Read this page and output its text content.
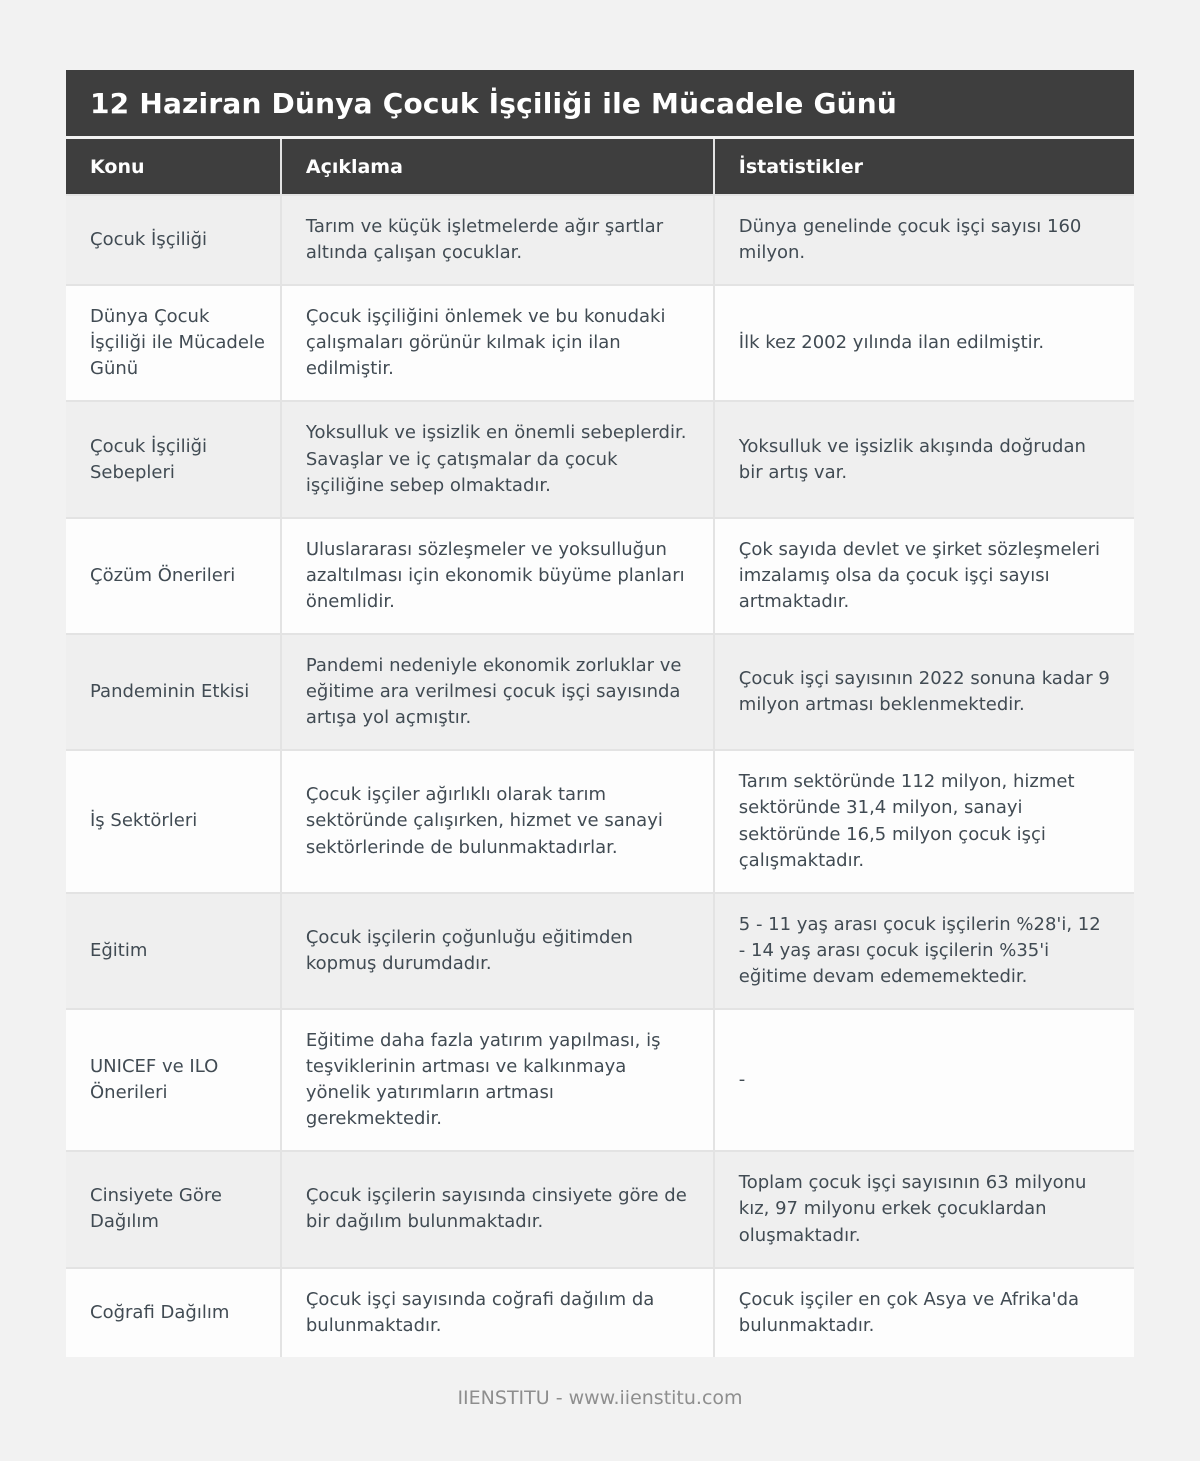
12 Haziran Dünya Çocuk İşçiliği ile Mücadele Günü
Konu	Açıklama	İstatistikler
Çocuk İşçiliği
Tarım ve küçük işletmelerde ağır şartlar altında çalışan çocuklar.
Dünya genelinde çocuk işçi sayısı 160 milyon.
Dünya Çocuk İşçiliği ile Mücadele Günü
Çocuk işçiliğini önlemek ve bu konudaki çalışmaları görünür kılmak için ilan edilmiştir.
İlk kez 2002 yılında ilan edilmiştir.
Çocuk İşçiliği Sebepleri
Yoksulluk ve işsizlik en önemli sebeplerdir. Savaşlar ve iç çatışmalar da çocuk işçiliğine sebep olmaktadır.
Yoksulluk ve işsizlik akışında doğrudan bir artış var.
Çözüm Önerileri
Uluslararası sözleşmeler ve yoksulluğun azaltılması için ekonomik büyüme planları önemlidir.
Çok sayıda devlet ve şirket sözleşmeleri imzalamış olsa da çocuk işçi sayısı artmaktadır.
Pandeminin Etkisi
Pandemi nedeniyle ekonomik zorluklar ve eğitime ara verilmesi çocuk işçi sayısında artışa yol açmıştır.
Çocuk işçi sayısının 2022 sonuna kadar 9 milyon artması beklenmektedir.
İş Sektörleri
Çocuk işçiler ağırlıklı olarak tarım sektöründe çalışırken, hizmet ve sanayi sektörlerinde de bulunmaktadırlar.
Tarım sektöründe 112 milyon, hizmet sektöründe 31,4 milyon, sanayi sektöründe 16,5 milyon çocuk işçi çalışmaktadır.
Eğitim
Çocuk işçilerin çoğunluğu eğitimden kopmuş durumdadır.
5 - 11 yaş arası çocuk işçilerin %28'i, 12 - 14 yaş arası çocuk işçilerin %35'i eğitime devam edememektedir.
UNICEF ve ILO Önerileri
Eğitime daha fazla yatırım yapılması, iş teşviklerinin artması ve kalkınmaya yönelik yatırımların artması gerekmektedir.
-
Cinsiyete Göre Dağılım
Çocuk işçilerin sayısında cinsiyete göre de bir dağılım bulunmaktadır.
Toplam çocuk işçi sayısının 63 milyonu kız, 97 milyonu erkek çocuklardan oluşmaktadır.
Coğrafi Dağılım
Çocuk işçi sayısında coğrafi dağılım da bulunmaktadır.
Çocuk işçiler en çok Asya ve Afrika'da bulunmaktadır.
IIENSTITU - www.iienstitu.com
